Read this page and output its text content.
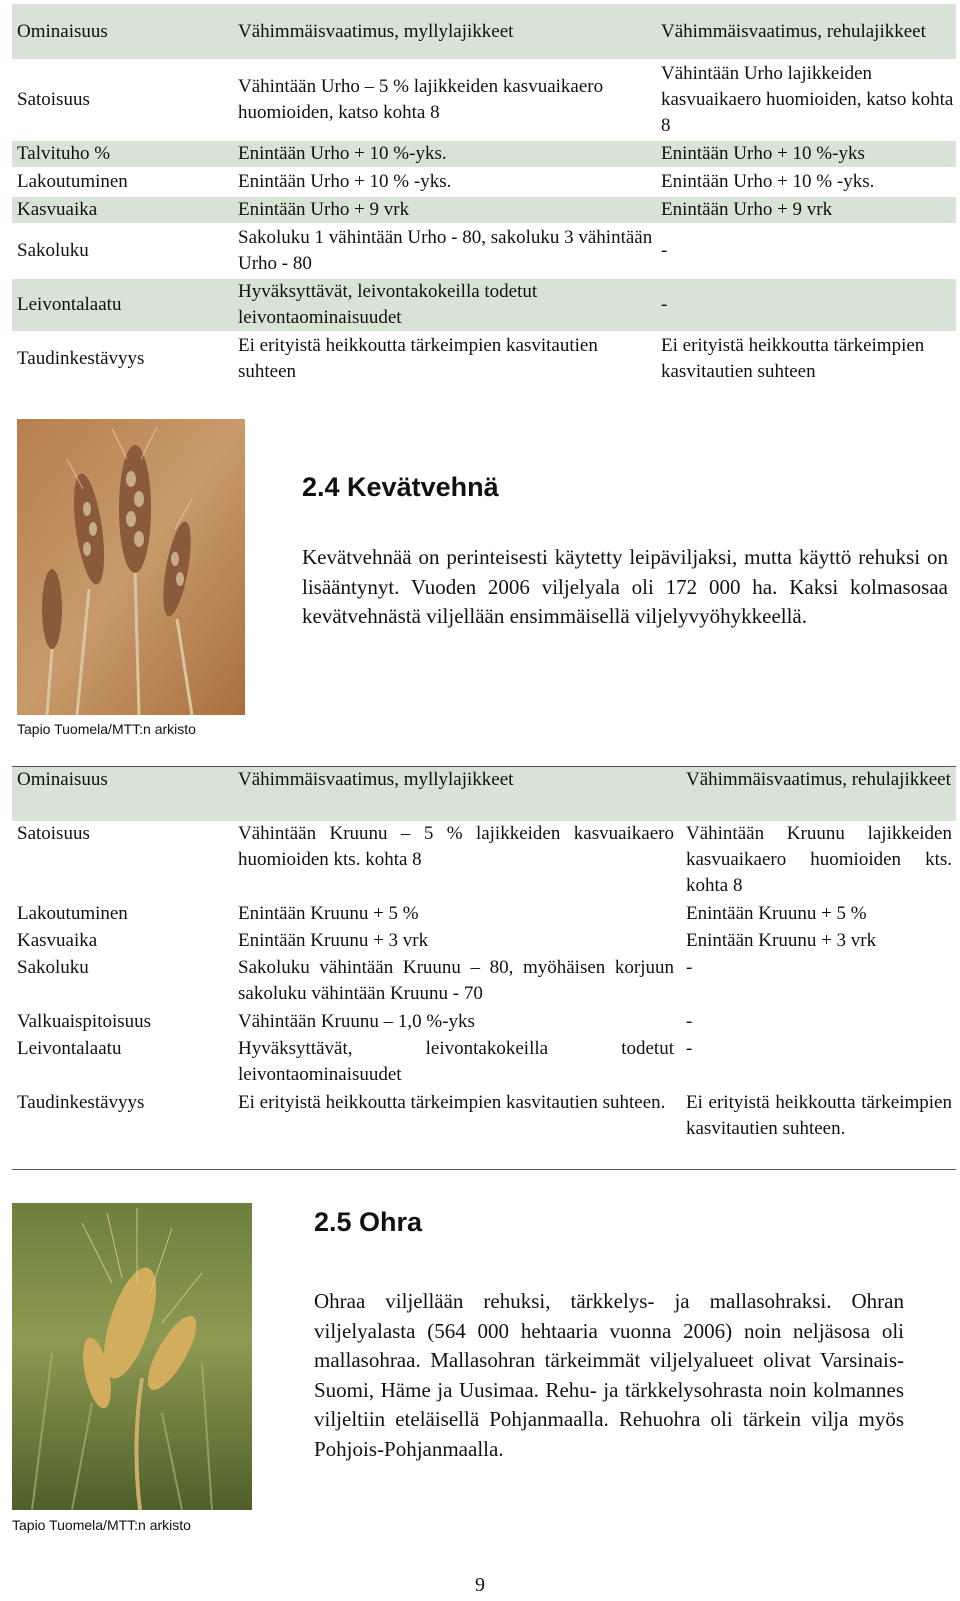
Ominaisuus	Vähimmäisvaatimus, myllylajikkeet	Vähimmäisvaatimus, rehulajikkeet
Satoisuus	Vähintään Urho – 5 % lajikkeiden kasvuaikaero huomioiden, katso kohta 8	Vähintään Urho lajikkeiden kasvuaikaero huomioiden, katso kohta 8
Talvituho %	Enintään Urho + 10 %-yks.	Enintään Urho + 10 %-yks
Lakoutuminen	Enintään Urho + 10 % -yks.	Enintään Urho + 10 % -yks.
Kasvuaika	Enintään Urho + 9 vrk	Enintään Urho + 9 vrk
Sakoluku	Sakoluku 1 vähintään Urho - 80, sakoluku 3 vähintään Urho - 80	-
Leivontalaatu	Hyväksyttävät, leivontakokeilla todetut leivontaominaisuudet	-
Taudinkestävyys	Ei erityistä heikkoutta tärkeimpien kasvitautien suhteen	Ei erityistä heikkoutta tärkeimpien kasvitautien suhteen
Tapio Tuomela/MTT:n arkisto
2.4 Kevätvehnä
Kevätvehnää on perinteisesti käytetty leipäviljaksi, mutta käyttö rehuksi on lisääntynyt. Vuoden 2006 viljelyala oli 172 000 ha. Kaksi kolmasosaa kevätvehnästä viljellään ensimmäisellä viljelyvyöhykkeellä.
Ominaisuus	Vähimmäisvaatimus, myllylajikkeet	Vähimmäisvaatimus, rehulajikkeet
Satoisuus	Vähintään Kruunu – 5 % lajikkeiden kasvuaikaero huomioiden kts. kohta 8	Vähintään Kruunu lajikkeiden kasvuaikaero huomioiden kts. kohta 8
Lakoutuminen	Enintään Kruunu + 5 %	Enintään Kruunu + 5 %
Kasvuaika	Enintään Kruunu + 3 vrk	Enintään Kruunu + 3 vrk
Sakoluku	Sakoluku vähintään Kruunu – 80, myöhäisen korjuun sakoluku vähintään Kruunu - 70	-
Valkuaispitoisuus	Vähintään Kruunu – 1,0 %-yks	-
Leivontalaatu	Hyväksyttävät, leivontakokeilla todetut leivontaominaisuudet	-
Taudinkestävyys	Ei erityistä heikkoutta tärkeimpien kasvitautien suhteen.	Ei erityistä heikkoutta tärkeimpien kasvitautien suhteen.
Tapio Tuomela/MTT:n arkisto
2.5 Ohra
Ohraa viljellään rehuksi, tärkkelys- ja mallasohraksi. Ohran viljelyalasta (564 000 hehtaaria vuonna 2006) noin neljäsosa oli mallasohraa. Mallasohran tärkeimmät viljelyalueet olivat Varsinais-Suomi, Häme ja Uusimaa. Rehu- ja tärkkelysohrasta noin kolmannes viljeltiin eteläisellä Pohjanmaalla. Rehuohra oli tärkein vilja myös Pohjois-Pohjanmaalla.
9
